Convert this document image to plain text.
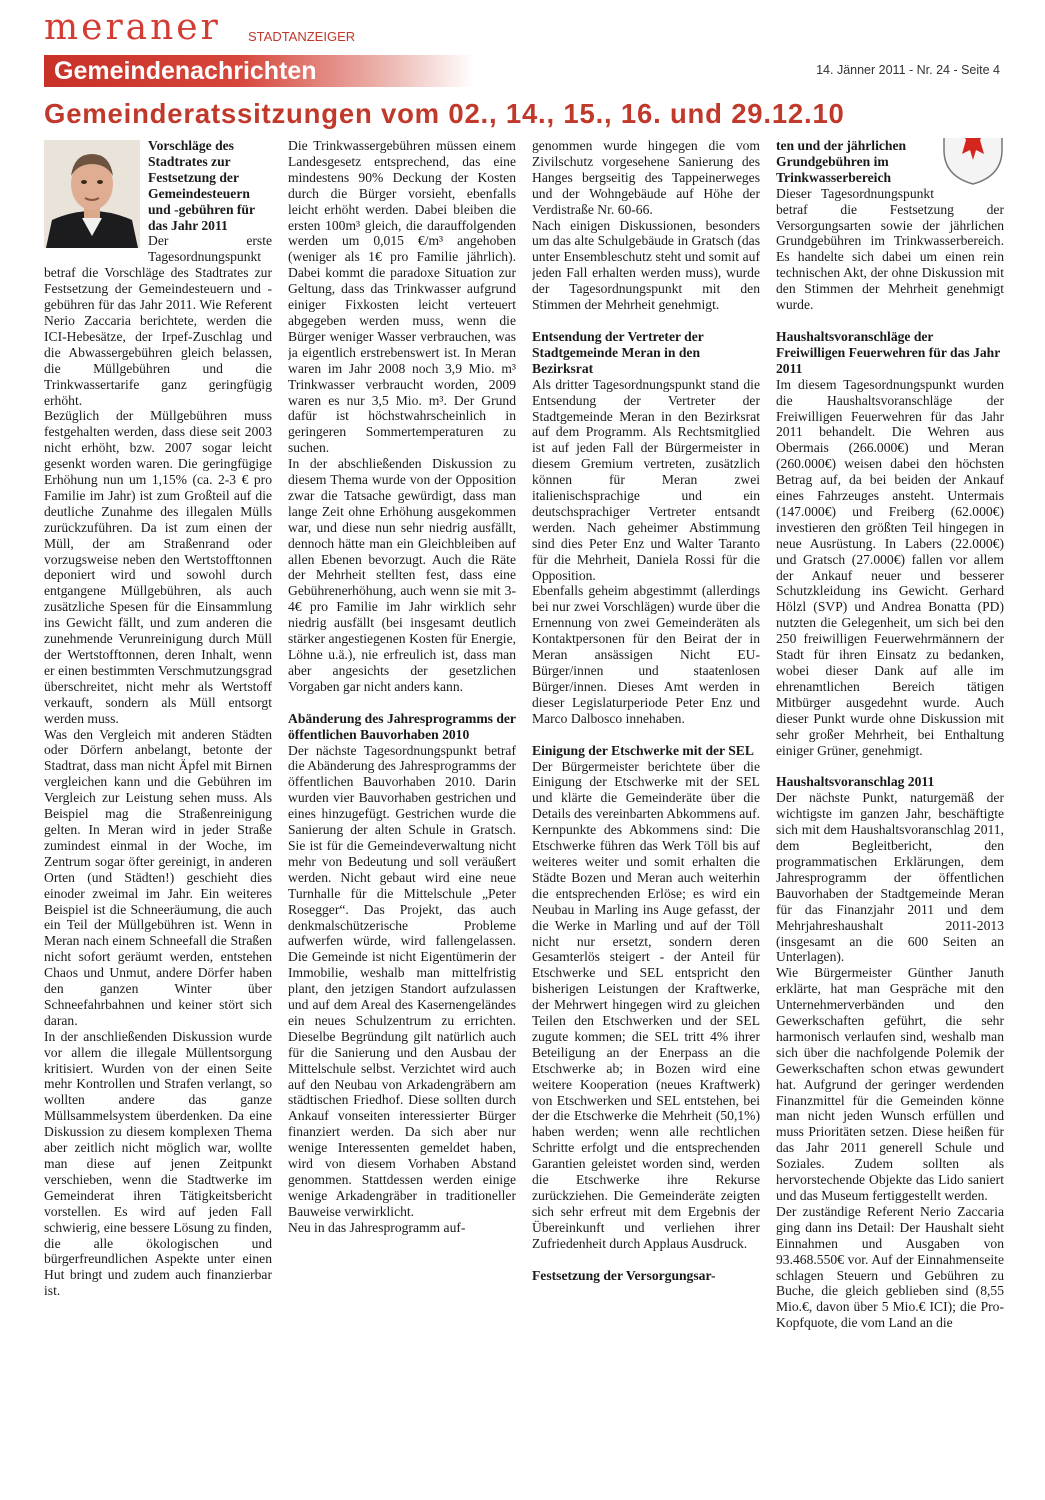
meraner STADTANZEIGER
Gemeindenachrichten	14. Jänner 2011 - Nr. 24 - Seite 4
Gemeinderatssitzungen vom 02., 14., 15., 16. und 29.12.10
Vorschläge des Stadtrates zur Festsetzung der Gemeindesteuern und -gebühren für das Jahr 2011

Der erste Tagesordnungspunkt betraf die Vorschläge des Stadtrates zur Festsetzung der Gemeindesteuern und -gebühren für das Jahr 2011. Wie Referent Nerio Zaccaria berichtete, werden die ICI-Hebesätze, der Irpef-Zuschlag und die Abwassergebühren gleich belassen, die Müllgebühren und die Trinkwassertarife ganz geringfügig erhöht.

Bezüglich der Müllgebühren muss festgehalten werden, dass diese seit 2003 nicht erhöht, bzw. 2007 sogar leicht gesenkt worden waren. Die geringfügige Erhöhung nun um 1,15% (ca. 2-3 € pro Familie im Jahr) ist zum Großteil auf die deutliche Zunahme des illegalen Mülls zurückzuführen. Da ist zum einen der Müll, der am Straßenrand oder vorzugsweise neben den Wertstofftonnen deponiert wird und sowohl durch entgangene Müllgebühren, als auch zusätzliche Spesen für die Einsammlung ins Gewicht fällt, und zum anderen die zunehmende Verunreinigung durch Müll der Wertstofftonnen, deren Inhalt, wenn er einen bestimmten Verschmutzungsgrad überschreitet, nicht mehr als Wertstoff verkauft, sondern als Müll entsorgt werden muss.

Was den Vergleich mit anderen Städten oder Dörfern anbelangt, betonte der Stadtrat, dass man nicht Äpfel mit Birnen vergleichen kann und die Gebühren im Vergleich zur Leistung sehen muss. Als Beispiel mag die Straßenreinigung gelten. In Meran wird in jeder Straße zumindest einmal in der Woche, im Zentrum sogar öfter gereinigt, in anderen Orten (und Städten!) geschieht dies einoder zweimal im Jahr. Ein weiteres Beispiel ist die Schneeräumung, die auch ein Teil der Müllgebühren ist. Wenn in Meran nach einem Schneefall die Straßen nicht sofort geräumt werden, entstehen Chaos und Unmut, andere Dörfer haben den ganzen Winter über Schneefahrbahnen und keiner stört sich daran.

In der anschließenden Diskussion wurde vor allem die illegale Müllentsorgung kritisiert. Wurden von der einen Seite mehr Kontrollen und Strafen verlangt, so wollten andere das ganze Müllsammelsystem überdenken. Da eine Diskussion zu diesem komplexen Thema aber zeitlich nicht möglich war, wollte man diese auf jenen Zeitpunkt verschieben, wenn die Stadtwerke im Gemeinderat ihren Tätigkeitsbericht vorstellen. Es wird auf jeden Fall schwierig, eine bessere Lösung zu finden, die alle ökologischen und bürgerfreundlichen Aspekte unter einen Hut bringt und zudem auch finanzierbar ist.

Die Trinkwassergebühren müssen einem Landesgesetz entsprechend, das eine mindestens 90% Deckung der Kosten durch die Bürger vorsieht, ebenfalls leicht erhöht werden. Dabei bleiben die ersten 100m³ gleich, die darauffolgenden werden um 0,015 €/m³ angehoben (weniger als 1€ pro Familie jährlich). Dabei kommt die paradoxe Situation zur Geltung, dass das Trinkwasser aufgrund einiger Fixkosten leicht verteuert abgegeben werden muss, wenn die Bürger weniger Wasser verbrauchen, was ja eigentlich erstrebenswert ist. In Meran waren im Jahr 2008 noch 3,9 Mio. m³ Trinkwasser verbraucht worden, 2009 waren es nur 3,5 Mio. m³. Der Grund dafür ist höchstwahrscheinlich in geringeren Sommertemperaturen zu suchen.

In der abschließenden Diskussion zu diesem Thema wurde von der Opposition zwar die Tatsache gewürdigt, dass man lange Zeit ohne Erhöhung ausgekommen war, und diese nun sehr niedrig ausfällt, dennoch hätte man ein Gleichbleiben auf allen Ebenen bevorzugt. Auch die Räte der Mehrheit stellten fest, dass eine Gebührenerhöhung, auch wenn sie mit 3-4€ pro Familie im Jahr wirklich sehr niedrig ausfällt (bei insgesamt deutlich stärker angestiegenen Kosten für Energie, Löhne u.ä.), nie erfreulich ist, dass man aber angesichts der gesetzlichen Vorgaben gar nicht anders kann.

Abänderung des Jahresprogramms der öffentlichen Bauvorhaben 2010

Der nächste Tagesordnungspunkt betraf die Abänderung des Jahresprogramms der öffentlichen Bauvorhaben 2010. Darin wurden vier Bauvorhaben gestrichen und eines hinzugefügt. Gestrichen wurde die Sanierung der alten Schule in Gratsch. Sie ist für die Gemeindeverwaltung nicht mehr von Bedeutung und soll veräußert werden. Nicht gebaut wird eine neue Turnhalle für die Mittelschule „Peter Rosegger“. Das Projekt, das auch denkmalschützerische Probleme aufwerfen würde, wird fallengelassen. Die Gemeinde ist nicht Eigentümerin der Immobilie, weshalb man mittelfristig plant, den jetzigen Standort aufzulassen und auf dem Areal des Kasernengeländes ein neues Schulzentrum zu errichten. Dieselbe Begründung gilt natürlich auch für die Sanierung und den Ausbau der Mittelschule selbst. Verzichtet wird auch auf den Neubau von Arkadengräbern am städtischen Friedhof. Diese sollten durch Ankauf vonseiten interessierter Bürger finanziert werden. Da sich aber nur wenige Interessenten gemeldet haben, wird von diesem Vorhaben Abstand genommen. Stattdessen werden einige wenige Arkadengräber in traditioneller Bauweise verwirklicht.

Neu in das Jahresprogramm auf-

genommen wurde hingegen die vom Zivilschutz vorgesehene Sanierung des Hanges bergseitig des Tappeinerweges und der Wohngebäude auf Höhe der Verdistraße Nr. 60-66.

Nach einigen Diskussionen, besonders um das alte Schulgebäude in Gratsch (das unter Ensembleschutz steht und somit auf jeden Fall erhalten werden muss), wurde der Tagesordnungspunkt mit den Stimmen der Mehrheit genehmigt.

Entsendung der Vertreter der Stadtgemeinde Meran in den Bezirksrat

Als dritter Tagesordnungspunkt stand die Entsendung der Vertreter der Stadtgemeinde Meran in den Bezirksrat auf dem Programm. Als Rechtsmitglied ist auf jeden Fall der Bürgermeister in diesem Gremium vertreten, zusätzlich können für Meran zwei italienischsprachige und ein deutschsprachiger Vertreter entsandt werden. Nach geheimer Abstimmung sind dies Peter Enz und Walter Taranto für die Mehrheit, Daniela Rossi für die Opposition.

Ebenfalls geheim abgestimmt (allerdings bei nur zwei Vorschlägen) wurde über die Ernennung von zwei Gemeinderäten als Kontaktpersonen für den Beirat der in Meran ansässigen Nicht EU-Bürger/innen und staatenlosen Bürger/innen. Dieses Amt werden in dieser Legislaturperiode Peter Enz und Marco Dalbosco innehaben.

Einigung der Etschwerke mit der SEL

Der Bürgermeister berichtete über die Einigung der Etschwerke mit der SEL und klärte die Gemeinderäte über die Details des vereinbarten Abkommens auf. Kernpunkte des Abkommens sind: Die Etschwerke führen das Werk Töll bis auf weiteres weiter und somit erhalten die Städte Bozen und Meran auch weiterhin die entsprechenden Erlöse; es wird ein Neubau in Marling ins Auge gefasst, der die Werke in Marling und auf der Töll nicht nur ersetzt, sondern deren Gesamterlös steigert - der Anteil für Etschwerke und SEL entspricht den bisherigen Leistungen der Kraftwerke, der Mehrwert hingegen wird zu gleichen Teilen den Etschwerken und der SEL zugute kommen; die SEL tritt 4% ihrer Beteiligung an der Enerpass an die Etschwerke ab; in Bozen wird eine weitere Kooperation (neues Kraftwerk) von Etschwerken und SEL entstehen, bei der die Etschwerke die Mehrheit (50,1%) haben werden; wenn alle rechtlichen Schritte erfolgt und die entsprechenden Garantien geleistet worden sind, werden die Etschwerke ihre Rekurse zurückziehen. Die Gemeinderäte zeigten sich sehr erfreut mit dem Ergebnis der Übereinkunft und verliehen ihrer Zufriedenheit durch Applaus Ausdruck.

Festsetzung der Versorgungsar-
ten und der jährlichen Grundgebühren im Trinkwasserbereich

Dieser Tagesordnungspunkt betraf die Festsetzung der Versorgungsarten sowie der jährlichen Grundgebühren im Trinkwasserbereich. Es handelte sich dabei um einen rein technischen Akt, der ohne Diskussion mit den Stimmen der Mehrheit genehmigt wurde.

Haushaltsvoranschläge der Freiwilligen Feuerwehren für das Jahr 2011

Im diesem Tagesordnungspunkt wurden die Haushaltsvoranschläge der Freiwilligen Feuerwehren für das Jahr 2011 behandelt. Die Wehren aus Obermais (266.000€) und Meran (260.000€) weisen dabei den höchsten Betrag auf, da bei beiden der Ankauf eines Fahrzeuges ansteht. Untermais (147.000€) und Freiberg (62.000€) investieren den größten Teil hingegen in neue Ausrüstung. In Labers (22.000€) und Gratsch (27.000€) fallen vor allem der Ankauf neuer und besserer Schutzkleidung ins Gewicht. Gerhard Hölzl (SVP) und Andrea Bonatta (PD) nutzten die Gelegenheit, um sich bei den 250 freiwilligen Feuerwehrmännern der Stadt für ihren Einsatz zu bedanken, wobei dieser Dank auf alle im ehrenamtlichen Bereich tätigen Mitbürger ausgedehnt wurde. Auch dieser Punkt wurde ohne Diskussion mit sehr großer Mehrheit, bei Enthaltung einiger Grüner, genehmigt.

Haushaltsvoranschlag 2011

Der nächste Punkt, naturgemäß der wichtigste im ganzen Jahr, beschäftigte sich mit dem Haushaltsvoranschlag 2011, dem Begleitbericht, den programmatischen Erklärungen, dem Jahresprogramm der öffentlichen Bauvorhaben der Stadtgemeinde Meran für das Finanzjahr 2011 und dem Mehrjahreshaushalt 2011-2013 (insgesamt an die 600 Seiten an Unterlagen).

Wie Bürgermeister Günther Januth erklärte, hat man Gespräche mit den Unternehmerverbänden und den Gewerkschaften geführt, die sehr harmonisch verlaufen sind, weshalb man sich über die nachfolgende Polemik der Gewerkschaften schon etwas gewundert hat. Aufgrund der geringer werdenden Finanzmittel für die Gemeinden könne man nicht jeden Wunsch erfüllen und muss Prioritäten setzen. Diese heißen für das Jahr 2011 generell Schule und Soziales. Zudem sollten als hervorstechende Objekte das Lido saniert und das Museum fertiggestellt werden.

Der zuständige Referent Nerio Zaccaria ging dann ins Detail: Der Haushalt sieht Einnahmen und Ausgaben von 93.468.550€ vor. Auf der Einnahmenseite schlagen Steuern und Gebühren zu Buche, die gleich geblieben sind (8,55 Mio.€, davon über 5 Mio.€ ICI); die Pro-Kopfquote, die vom Land an die
